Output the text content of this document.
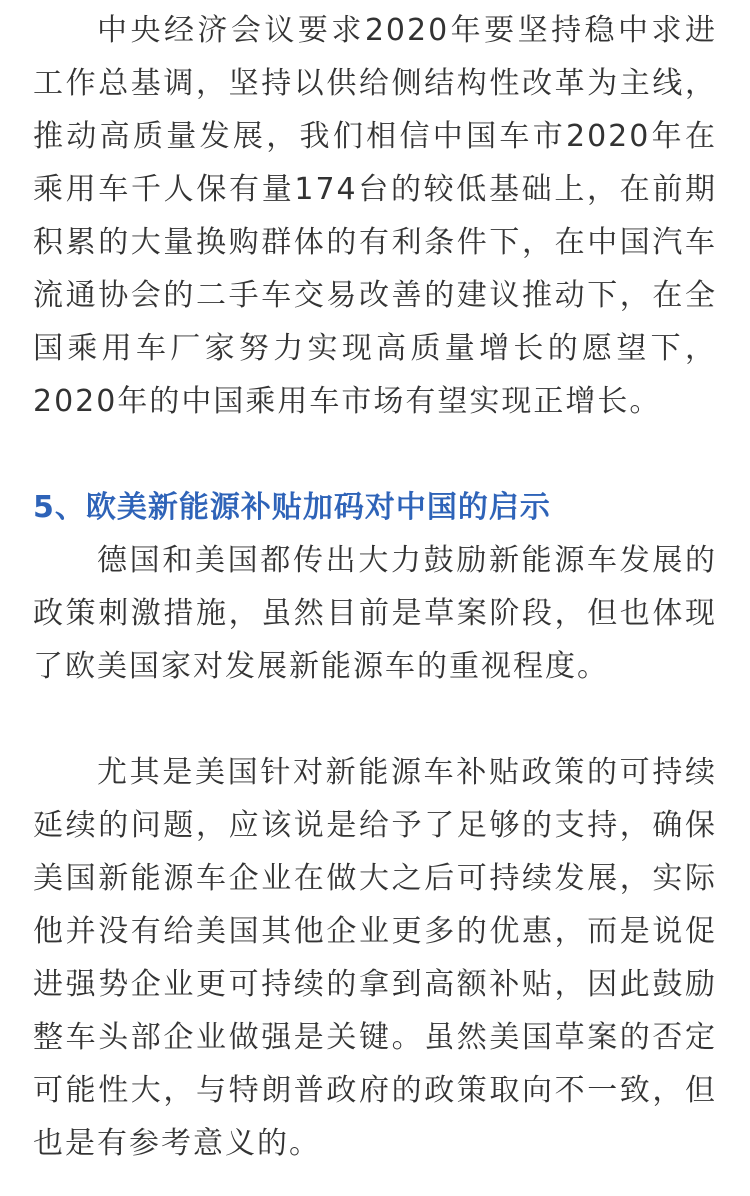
中央经济会议要求2020年要坚持稳中求进工作总基调，坚持以供给侧结构性改革为主线，推动高质量发展，我们相信中国车市2020年在乘用车千人保有量174台的较低基础上，在前期积累的大量换购群体的有利条件下，在中国汽车流通协会的二手车交易改善的建议推动下，在全国乘用车厂家努力实现高质量增长的愿望下，2020年的中国乘用车市场有望实现正增长。

5、欧美新能源补贴加码对中国的启示

德国和美国都传出大力鼓励新能源车发展的政策刺激措施，虽然目前是草案阶段，但也体现了欧美国家对发展新能源车的重视程度。

尤其是美国针对新能源车补贴政策的可持续延续的问题，应该说是给予了足够的支持，确保美国新能源车企业在做大之后可持续发展，实际他并没有给美国其他企业更多的优惠，而是说促进强势企业更可持续的拿到高额补贴，因此鼓励整车头部企业做强是关键。虽然美国草案的否定可能性大，与特朗普政府的政策取向不一致，但也是有参考意义的。
